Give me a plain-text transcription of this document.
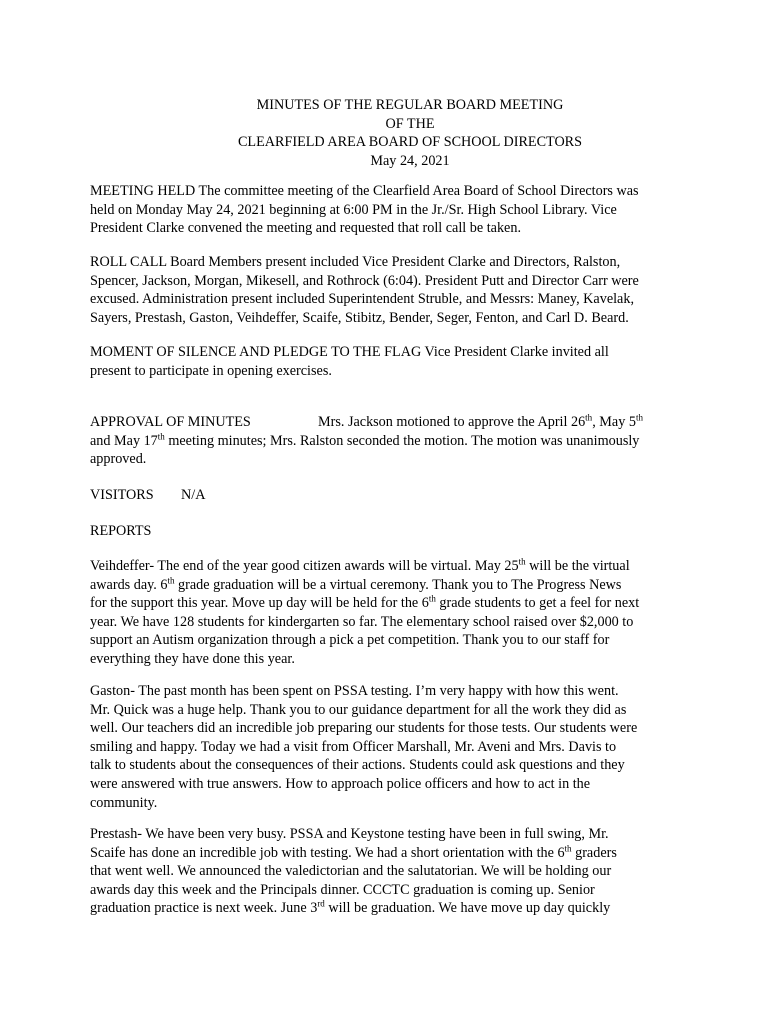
MINUTES OF THE REGULAR BOARD MEETING
OF THE
CLEARFIELD AREA BOARD OF SCHOOL DIRECTORS
May 24, 2021
MEETING HELD The committee meeting of the Clearfield Area Board of School Directors was
held on Monday May 24, 2021 beginning at 6:00 PM in the Jr./Sr. High School Library. Vice
President Clarke convened the meeting and requested that roll call be taken.
ROLL CALL Board Members present included Vice President Clarke and Directors, Ralston,
Spencer, Jackson, Morgan, Mikesell, and Rothrock (6:04). President Putt and Director Carr were
excused. Administration present included Superintendent Struble, and Messrs: Maney, Kavelak,
Sayers, Prestash, Gaston, Veihdeffer, Scaife, Stibitz, Bender, Seger, Fenton, and Carl D. Beard.
MOMENT OF SILENCE AND PLEDGE TO THE FLAG Vice President Clarke invited all
present to participate in opening exercises.
APPROVAL OF MINUTES	Mrs. Jackson motioned to approve the April 26th, May 5th
and May 17th meeting minutes; Mrs. Ralston seconded the motion. The motion was unanimously
approved.
VISITORS N/A
REPORTS
Veihdeffer- The end of the year good citizen awards will be virtual. May 25th will be the virtual
awards day. 6th grade graduation will be a virtual ceremony. Thank you to The Progress News
for the support this year. Move up day will be held for the 6th grade students to get a feel for next
year. We have 128 students for kindergarten so far. The elementary school raised over $2,000 to
support an Autism organization through a pick a pet competition. Thank you to our staff for
everything they have done this year.
Gaston- The past month has been spent on PSSA testing. I’m very happy with how this went.
Mr. Quick was a huge help. Thank you to our guidance department for all the work they did as
well. Our teachers did an incredible job preparing our students for those tests. Our students were
smiling and happy. Today we had a visit from Officer Marshall, Mr. Aveni and Mrs. Davis to
talk to students about the consequences of their actions. Students could ask questions and they
were answered with true answers. How to approach police officers and how to act in the
community.
Prestash- We have been very busy. PSSA and Keystone testing have been in full swing, Mr.
Scaife has done an incredible job with testing. We had a short orientation with the 6th graders
that went well. We announced the valedictorian and the salutatorian. We will be holding our
awards day this week and the Principals dinner. CCCTC graduation is coming up. Senior
graduation practice is next week. June 3rd will be graduation. We have move up day quickly
